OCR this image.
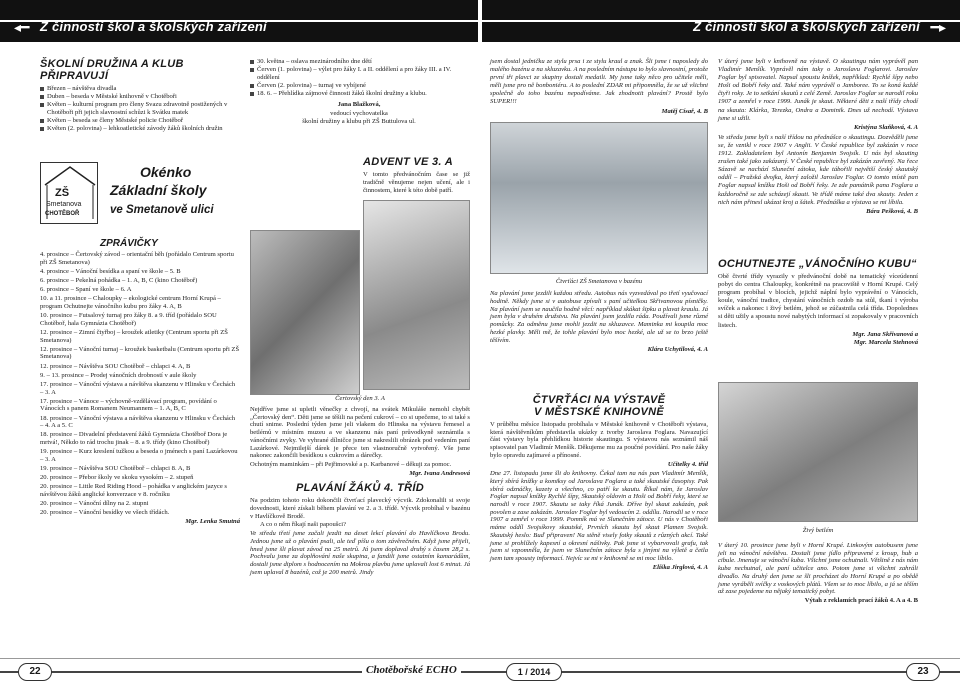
◂━ Z činnosti škol a školských zařízení	Z činnosti škol a školských zařízení ━▸
ŠKOLNÍ DRUŽINA A KLUB PŘIPRAVUJÍ
Březen – návštěva divadla
Duben – beseda v Městské knihovně v Chotěboři
Květen – kulturní program pro členy Svazu zdravotně postižených v Chotěboři při jejich slavnostní schůzi k Svátku matek
Květen – beseda se členy Městské policie Chotěboř
Květen (2. polovina) – lehkoatletické závody žáků školních družin
ZŠ
Smetanova
CHOTĚBOŘ
Okénko
Základní školy
ve Smetanově ulici
ZPRÁVIČKY
4. prosince – Čertovský závod – orientační běh (pořádalo Centrum sportu při ZŠ Smetanova)
4. prosince – Vánoční besídka a spaní ve škole – 5. B
6. prosince – Pekelná pohádka – 1. A, B, C (kino Chotěboř)
6. prosince – Spaní ve škole – 6. A
10. a 11. prosince – Chaloupky – ekologické centrum Horní Krupá – program Ochutnejte vánočního kubu pro žáky 4. A, B
10. prosince – Futsalový turnaj pro žáky 8. a 9. tříd (pořádalo SOU Chotěboř, hala Gymnázia Chotěboř)
12. prosince – Zimní čtyřboj – kroužek atletiky (Centrum sportu při ZŠ Smetanova)
12. prosince – Vánoční turnaj – kroužek basketbalu (Centrum sportu při ZŠ Smetanova)
12. prosince – Návštěva SOU Chotěboř – chlapci 4. A, B
9. – 13. prosince – Prodej vánočních drobností v aule školy
17. prosince – Vánoční výstava a návštěva skanzenu v Hlinsku v Čechách – 3. A
17. prosince – Vánoce – výchovně-vzdělávací program, povídání o Vánocích s panem Romanem Neumannem – 1. A, B, C
18. prosince – Vánoční výstava a návštěva skanzenu v Hlinsku v Čechách – 4. A a 5. C
18. prosince – Divadelní představení žáků Gymnázia Chotěboř Dora je mrtvá!, Někdo to rád trochu jinak – 8. a 9. třídy (kino Chotěboř)
19. prosince – Kurz kreslení tužkou a beseda o jménech s paní Lazárkovou – 3. A
19. prosince – Návštěva SOU Chotěboř – chlapci 8. A, B
20. prosince – Přebor školy ve skoku vysokém – 2. stupeň
20. prosince – Little Red Riding Hood – pohádka v anglickém jazyce s návštěvou žáků anglické konverzace v 8. ročníku
20. prosince – Vánoční dílny na 2. stupni
20. prosince – Vánoční besídky ve všech třídách.
Mgr. Lenka Smutná
30. května – oslava mezinárodního dne dětí
Červen (1. polovina) – výlet pro žáky I. a II. oddělení a pro žáky III. a IV. oddělení
Červen (2. polovina) – turnaj ve vybíjené
18. 6. – Přehlídka zájmové činnosti žáků školní družiny a klubu.
Jana Blažková,
vedoucí vychovatelka
školní družiny a klubu při ZŠ Buttulova ul.
ADVENT VE 3. A

V tomto předvánočním čase se již tradičně věnujeme nejen učení, ale i činnostem, které k této době patří.

Čertovský den 3. A

Nejdříve jsme si upletli věnečky z chvojí, na svátek Mikuláše nemohl chybět „Čertovský den“. Děti jsme se těšili na pečení cukroví – co si upečeme, to si také s chutí snime. Poslední týden jsme jeli vlakem do Hlinska na výstavu řemesel a betlémů v místním muzeu a ve skanzenu nás paní průvodkyně seznámila s vánočními zvyky. Ve vyhrané dílničce jsme si nakreslili obrázek pod vedením paní Lazárkové. Nejmilejší dárek je přece ten vlastnoručně vytvořený. Vše jsme nakonec zakončili besídkou s cukrovím a dárečky.

Ochotným maminkám – při Pejřimovské a p. Karbanové – děkuji za pomoc.

Mgr. Ivana Andresová
PLAVÁNÍ ŽÁKŮ 4. TŘÍD

Na podzim tohoto roku dokončili čtvrťací plavecký výcvik. Zdokonalili si svoje dovednosti, které získali během plavání ve 2. a 3. třídě. Výcvik probíhal v bazénu v Havlíčkově Brodě.

A co o něm říkají naši papoušci?

Ve středu třetí jsme začali jezdit na deset lekcí plavání do Havlíčkova Brodu. Jednou jsme už o plavání psali, ale teď píšu o tom závěrečném. Když jsme přijeli, hned jsme šli plavat závod na 25 metrů. Já jsem doplaval druhý s časem 28,2 s. Pochvalu jsme za doplňování naše skupina, a fandili jsme ostatním kamarádům, dostali jsme diplom s hodnocením na Mokrou plavbu jsme uplavali lost 6 minut. Já jsem uplaval 8 bazénů, což je 200 metrů. Jindy

jsem dostal jedničku ze stylu prsa i ze stylu kraul a znak. Šli jsme i naposledy do malého bazénu a na skluzavku. A na posledním nástupu to bylo slavnostní, protože první tři plavci ze skupiny dostali medaili. My jsme taky něco pro učitele měli, měli jsme pro ně bonboniéru. A to poslední ZDAR mi připomněla, že se už všichni společně do toho bazénu nepodíváme. Jak zhodnotit plavání? Prostě bylo SUPER!!!

Matěj Císař, 4. B
Čtvrťáci ZŠ Smetanova v bazénu

Na plavání jsme jezdili každou středu. Autobus nás vyzvedával po třetí vyučovací hodině. Někdy jsme si v autobuse zpívali s paní učitelkou Skřivanovou písničky. Na plavání jsem se naučila hodně věcí: například skákat šipku a plavat kraulu. Já jsem byla v druhém družstvu. Na plavání jsem jezdila ráda. Používali jsme různé pomůcky. Za odměnu jsme mohli jezdit na skluzavce. Maminka mi koupila moc hezké plavky. Měli mě, že tohle plavání bylo moc hezké, ale už se to brzo ještě těšívím.

Klára Uchytilová, 4. A
ČTVRŤÁCI NA VÝSTAVĚ
V MĚSTSKÉ KNIHOVNĚ

V průběhu měsíce listopadu probíhala v Městské knihovně v Chotěboři výstava, která návštěvníkům představila ukázky z tvorby Jaroslava Foglara. Navazující část výstavy byla přehlídkou historie skautingu. S výstavou nás seznámil náš spisovatel pan Vladimír Menšík. Děkujeme mu za poučné povídání. Pro naše žáky bylo opravdu zajímavé a přínosné.

Učitelky 4. tříd

Dne 27. listopadu jsme šli do knihovny. Čekal tam na nás pan Vladimír Menšík, který sbírá knížky a komiksy od Jaroslava Foglara a také skautské časopisy. Pak sbírá odznáčky, kazety a všechno, co patří ke skautu. Říkal nám, že Jaroslav Foglar napsal knížky Rychlé šípy, Skautský oldovin a Hoši od Bobří řeky, které se narodil v roce 1907. Skautu se taky říká Junák. Dříve byl skaut zakázán, pak povolen a zase zakázán. Jaroslav Foglar byl vedoucím 2. oddílu. Narodil se v roce 1907 a zemřel v roce 1999. Pomník má ve Slunečním zátoce. U nás v Chotěboři máme oddíl Svojsíkovy skautské, Prvních skautu byl skaut Plamen Svojsík. Skautský heslo: Buď připraven! Na stěně visely fotky skautů z různých akcí. Také jsme si prohlížely kapesní a okresní nášivky. Pak jsme si vybarvovali grafu, tak jsem si vzpomněla, že jsem ve Slunečním zátoce byla s jinými na výletě a četla jsem tam spousty informací. Nejvíc se mi v knihovně se mi moc líbilo.

Eliška Jirglová, 4. A

V úterý jsme byli v knihovně na výstavě. O skautingu nám vyprávěl pan Vladimír Menšík. Vyprávěl nám taky o Jaroslavu Foglarovi. Jaroslav Foglar byl spisovatel. Napsal spoustu knížek, například: Rychlé šípy nebo Hoši od Bobří řeky atd. Také nám vyprávěl o Jamboree. To se koná každé čtyři roky. Je to setkání skautů z celé Země. Jaroslav Foglar se narodil roku 1907 a zemřel v roce 1999. Junák je skaut. Některé děti z naší třídy chodí na skauta: Klárka, Terezka, Ondra a Dominik. Dnes už nechodí. Výstava jsme si užili.

Kristýna Slaňková, 4. A

Ve středu jsme byli s naší třídou na přednášce o skautingu. Dozvěděli jsme se, že vznikl v roce 1907 v Anglii. V České republice byl zakázán v roce 1912. Zakladatelem byl Antonín Benjamin Svojsík. U nás byl skauting zrušen také jako zakázaný. V České republice byl zakázán zavřený. Na řece Sázavě se nachází Sluneční zátoka, kde tábořili největší český skautský oddíl – Pražská dvojka, který založil Jaroslav Foglar. O tomto místě pan Foglar napsal knížku Hoši od Bobří řeky. Je zde památník pana Foglara a každoročně se zde scházejí skauti. Ve třídě máme také dva skauty. Jeden z nich nám přinesl ukázat kroj a šátek. Přednáška a výstava se mi líbila.

Bára Pešková, 4. B
OCHUTNEJTE „VÁNOČNÍHO KUBU“

Obě čtvrté třídy vyrazily v předvánoční době na tematický víceúdenní pobyt do centra Chaloupky, konkrétně na pracoviště v Horní Krupé. Celý program probíhal v blocích, jejichž náplní bylo vyprávění o Vánocích, koule, vánoční tradice, chystání vánočních ozdob na stůl, tkaní i výroba svíček a nakonec i živý betlém, jehož se zúčastnila celá třída. Dopolednes si děti užily a spoustu nové nabytých informací si zopakovaly v pracovních listech.

Mgr. Jana Skřivanová a
Mgr. Marcela Stehnová
Živý betlém

V úterý 10. prosince jsme byli v Horní Krupé. Linkovým autobusem jsme jeli na vánoční návštěvu. Dostali jsme jídlo připravené z kroup, hub a cibule. Jmenuje se vánoční kuba. Všichni jsme ochutnali. Většině z nás nám kuba nechutnal, ale paní učitelce ano. Potom jsme si všichni zahráli divadlo. Na druhý den jsme se šli procházet do Horní Krupé a po obědě jsme vyráběli svíčky z voskových plátů. Všem se to moc líbilo, a já se těším až zase pojedeme na nějaký tematický pobyt.

Výtah z reklamích prací žáků 4. A a 4. B
22	Chotěbořské ECHO	1 / 2014	23
